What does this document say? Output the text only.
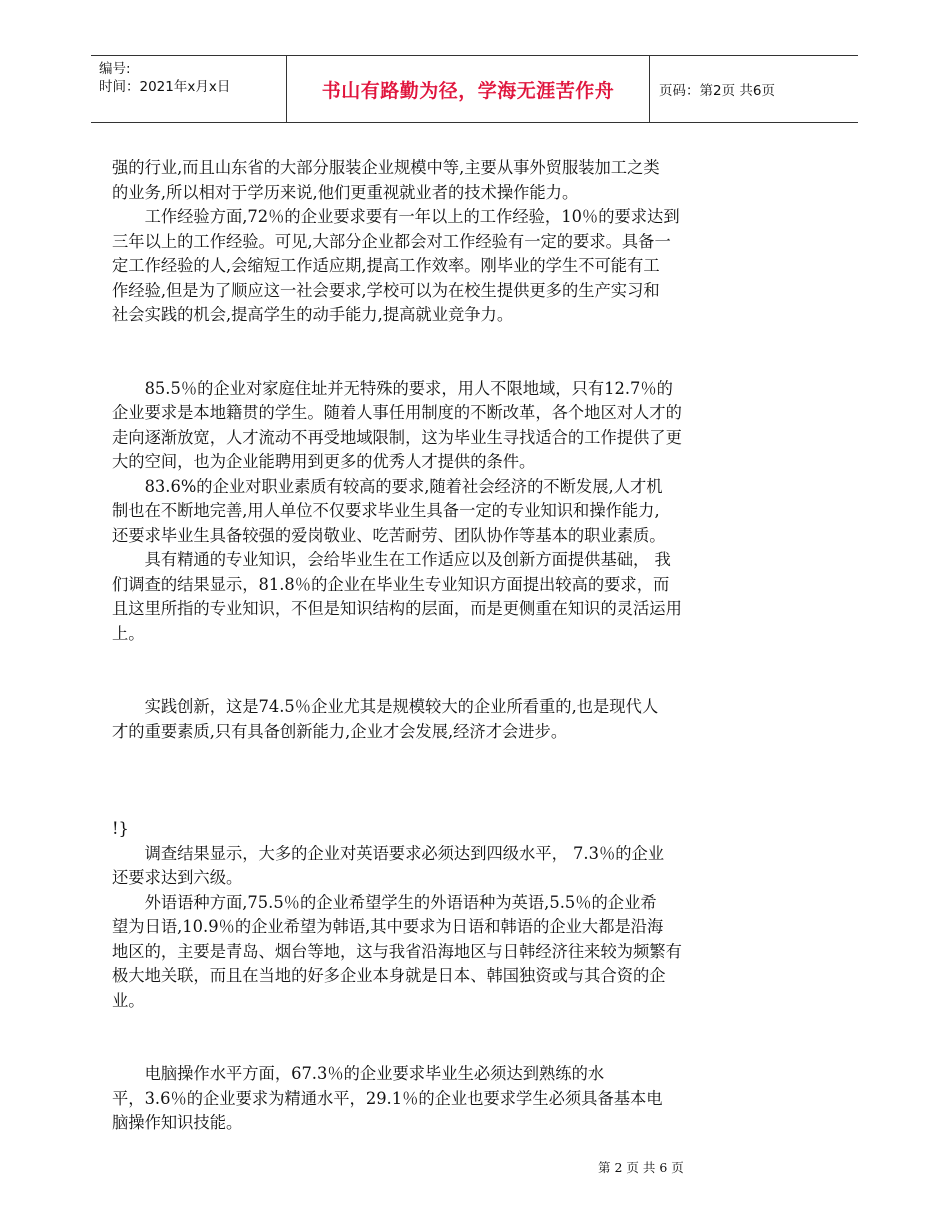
编号:
时间：2021年x月x日	书山有路勤为径，学海无涯苦作舟	页码：第2页 共6页

强的行业,而且山东省的大部分服装企业规模中等,主要从事外贸服装加工之类

的业务,所以相对于学历来说,他们更重视就业者的技术操作能力。

　　工作经验方面,72％的企业要求要有一年以上的工作经验，10％的要求达到

三年以上的工作经验。可见,大部分企业都会对工作经验有一定的要求。具备一

定工作经验的人,会缩短工作适应期,提高工作效率。刚毕业的学生不可能有工

作经验,但是为了顺应这一社会要求,学校可以为在校生提供更多的生产实习和

社会实践的机会,提高学生的动手能力,提高就业竞争力。

　　85.5％的企业对家庭住址并无特殊的要求，用人不限地域，只有12.7％的

企业要求是本地籍贯的学生。随着人事任用制度的不断改革，各个地区对人才的

走向逐渐放宽，人才流动不再受地域限制，这为毕业生寻找适合的工作提供了更

大的空间，也为企业能聘用到更多的优秀人才提供的条件。

　　83.6%的企业对职业素质有较高的要求,随着社会经济的不断发展,人才机

制也在不断地完善,用人单位不仅要求毕业生具备一定的专业知识和操作能力,

还要求毕业生具备较强的爱岗敬业、吃苦耐劳、团队协作等基本的职业素质。

　　具有精通的专业知识，会给毕业生在工作适应以及创新方面提供基础， 我

们调查的结果显示，81.8％的企业在毕业生专业知识方面提出较高的要求，而

且这里所指的专业知识，不但是知识结构的层面，而是更侧重在知识的灵活运用

上。

　　实践创新，这是74.5％企业尤其是规模较大的企业所看重的,也是现代人

才的重要素质,只有具备创新能力,企业才会发展,经济才会进步。

!}

　　调查结果显示，大多的企业对英语要求必须达到四级水平， 7.3％的企业

还要求达到六级。

　　外语语种方面,75.5％的企业希望学生的外语语种为英语,5.5％的企业希

望为日语,10.9％的企业希望为韩语,其中要求为日语和韩语的企业大都是沿海

地区的，主要是青岛、烟台等地，这与我省沿海地区与日韩经济往来较为频繁有

极大地关联，而且在当地的好多企业本身就是日本、韩国独资或与其合资的企

业。

　　电脑操作水平方面，67.3％的企业要求毕业生必须达到熟练的水

平，3.6％的企业要求为精通水平，29.1％的企业也要求学生必须具备基本电

脑操作知识技能。

第 2 页 共 6 页
